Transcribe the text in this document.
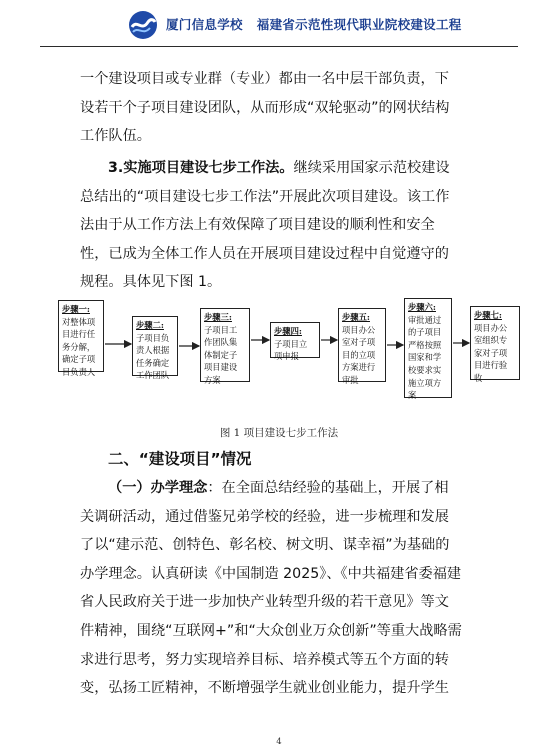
厦门信息学校 福建省示范性现代职业院校建设工程
一个建设项目或专业群（专业）都由一名中层干部负责，下
设若干个子项目建设团队，从而形成“双轮驱动”的网状结构
工作队伍。
3.实施项目建设七步工作法。继续采用国家示范校建设
总结出的“项目建设七步工作法”开展此次项目建设。该工作
法由于从工作方法上有效保障了项目建设的顺利性和安全
性，已成为全体工作人员在开展项目建设过程中自觉遵守的
规程。具体见下图 1。
步骤一:
对整体项
目进行任
务分解，
确定子项
目负责人
步骤二:
子项目负
责人根据
任务确定
工作团队
步骤三:
子项目工
作团队集
体制定子
项目建设
方案
步骤四:
子项目立
项申报
步骤五:
项目办公
室对子项
目的立项
方案进行
审批
步骤六:
审批通过
的子项目
严格按照
国家和学
校要求实
施立项方
案
步骤七:
项目办公
室组织专
家对子项
目进行验
收
图 1 项目建设七步工作法
二、“建设项目”情况
（一）办学理念：在全面总结经验的基础上，开展了相
关调研活动，通过借鉴兄弟学校的经验，进一步梳理和发展
了以“建示范、创特色、彰名校、树文明、谋幸福”为基础的
办学理念。认真研读《中国制造 2025》、《中共福建省委福建
省人民政府关于进一步加快产业转型升级的若干意见》等文
件精神，围绕“互联网+”和“大众创业万众创新”等重大战略需
求进行思考，努力实现培养目标、培养模式等五个方面的转
变，弘扬工匠精神，不断增强学生就业创业能力，提升学生
4
